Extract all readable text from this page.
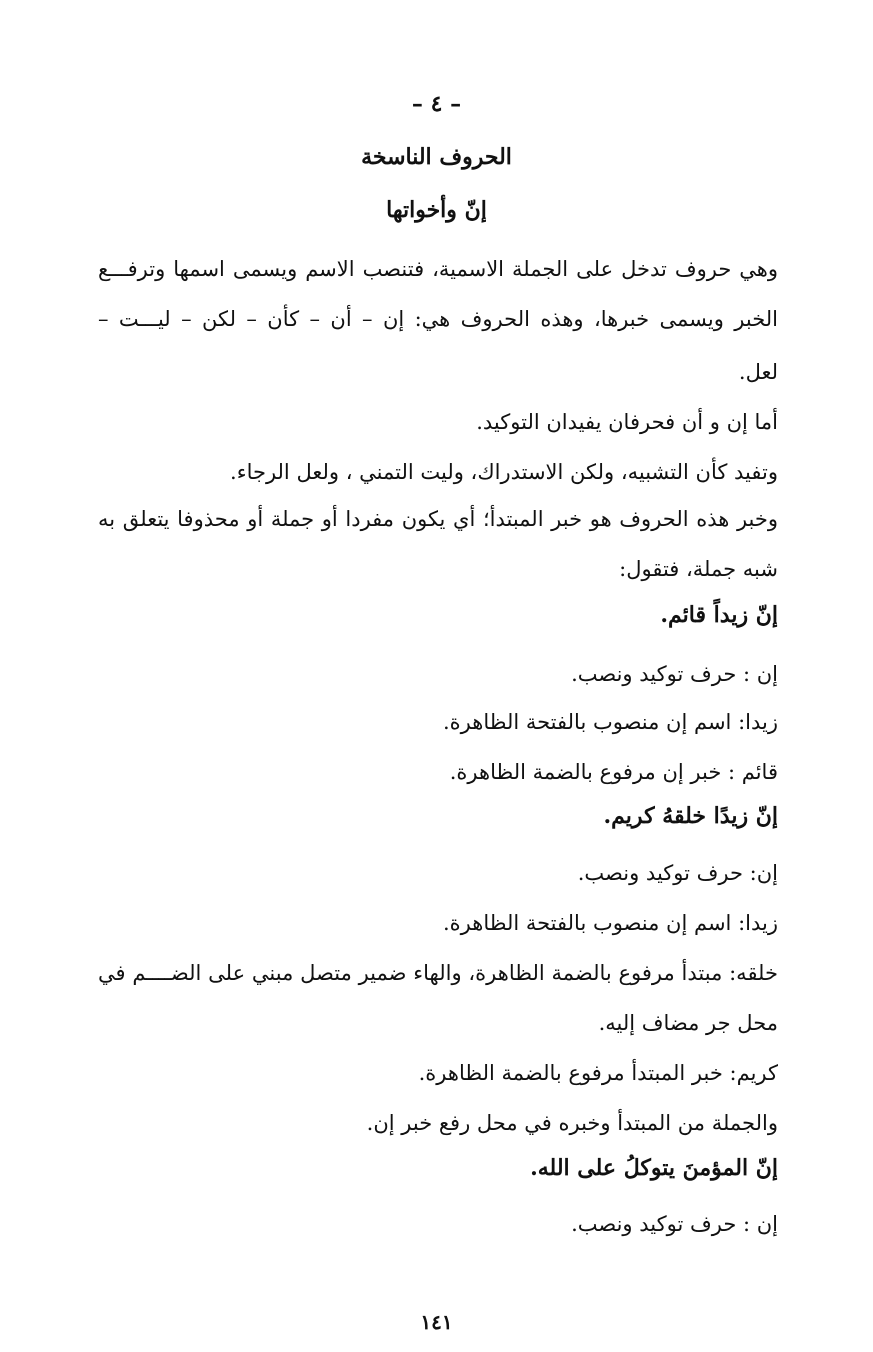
– ٤ –
الحروف الناسخة
إنّ وأخواتها
وهي حروف تدخل على الجملة الاسمية، فتنصب الاسم ويسمى اسمها وترفـــع
الخبر ويسمى خبرها، وهذه الحروف هي: إن – أن – كأن – لكن – ليـــت –
لعل.
أما إن و أن فحرفان يفيدان التوكيد.
وتفيد كأن التشبيه، ولكن الاستدراك، وليت التمني ، ولعل الرجاء.
وخبر هذه الحروف هو خبر المبتدأ؛ أي يكون مفردا أو جملة أو محذوفا يتعلق به
شبه جملة، فتقول:
إنّ زيداً قائم.
إن : حرف توكيد ونصب.
زيدا: اسم إن منصوب بالفتحة الظاهرة.
قائم : خبر إن مرفوع بالضمة الظاهرة.
إنّ زيدًا خلقهُ كريم.
إن: حرف توكيد ونصب.
زيدا: اسم إن منصوب بالفتحة الظاهرة.
خلقه: مبتدأ مرفوع بالضمة الظاهرة، والهاء ضمير متصل مبني على الضــــم في
محل جر مضاف إليه.
كريم: خبر المبتدأ مرفوع بالضمة الظاهرة.
والجملة من المبتدأ وخبره في محل رفع خبر إن.
إنّ المؤمنَ يتوكلُ على الله.
إن : حرف توكيد ونصب.
١٤١
